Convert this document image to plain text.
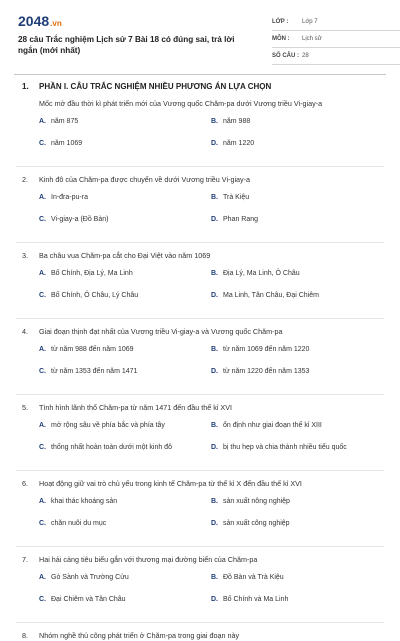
2048.vn
28 câu Trắc nghiệm Lịch sử 7 Bài 18 có đúng sai, trả lời ngắn (mới nhất)
LỚP :	Lớp 7
MÔN :	Lịch sử
SỐ CÂU : 28
1.	PHẦN I. CÂU TRẮC NGHIỆM NHIỀU PHƯƠNG ÁN LỰA CHỌN
Mốc mở đầu thời kì phát triển mới của Vương quốc Chăm-pa dưới Vương triều Vi-giay-a
A. năm 875	B. năm 988
C. năm 1069	D. năm 1220
2.	Kinh đô của Chăm-pa được chuyển về dưới Vương triều Vi-giay-a
A. In-đra-pu-ra	B. Trà Kiệu
C. Vi-giay-a (Đồ Bàn)	D. Phan Rang
3.	Ba châu vua Chăm-pa cắt cho Đại Việt vào năm 1069
A. Bố Chính, Địa Lý, Ma Linh	B. Địa Lý, Ma Linh, Ô Châu
C. Bố Chính, Ô Châu, Lý Châu	D. Ma Linh, Tân Châu, Đại Chiêm
4.	Giai đoạn thịnh đạt nhất của Vương triều Vi-giay-a và Vương quốc Chăm-pa
A. từ năm 988 đến năm 1069	B. từ năm 1069 đến năm 1220
C. từ năm 1353 đến năm 1471	D. từ năm 1220 đến năm 1353
5.	Tình hình lãnh thổ Chăm-pa từ năm 1471 đến đầu thế kỉ XVI
A. mở rộng sâu về phía bắc và phía tây	B. ổn định như giai đoạn thế kỉ XIII
C. thống nhất hoàn toàn dưới một kinh đô	D. bị thu hẹp và chia thành nhiều tiểu quốc
6.	Hoạt động giữ vai trò chủ yếu trong kinh tế Chăm-pa từ thế kỉ X đến đầu thế kỉ XVI
A. khai thác khoáng sản	B. sản xuất nông nghiệp
C. chăn nuôi du mục	D. sản xuất công nghiệp
7.	Hai hải cảng tiêu biểu gắn với thương mại đường biển của Chăm-pa
A. Gò Sành và Trường Cửu	B. Đồ Bàn và Trà Kiệu
C. Đại Chiêm và Tân Châu	D. Bố Chính và Ma Linh
8.	Nhóm nghề thủ công phát triển ở Chăm-pa trong giai đoạn này
